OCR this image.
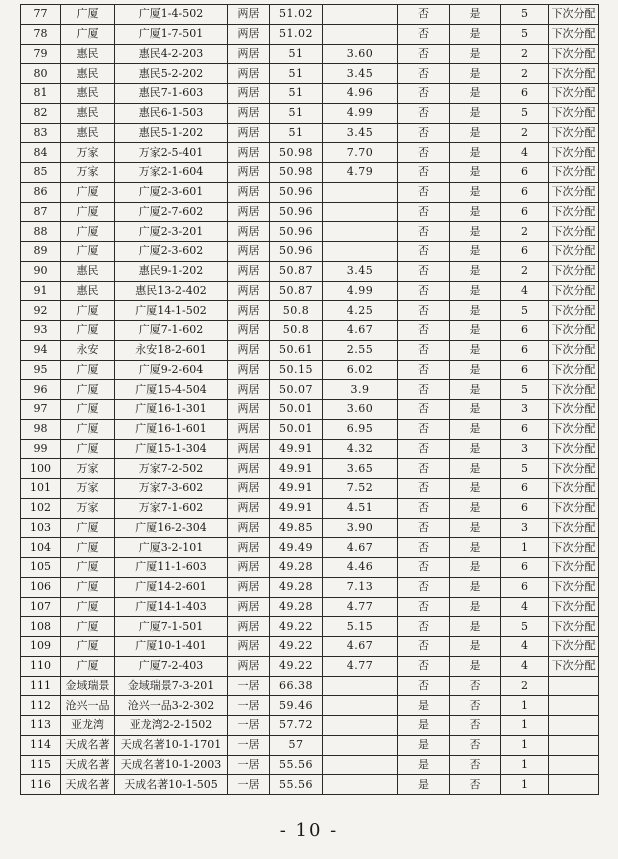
77	广厦	广厦1-4-502	两居	51.02		否	是	5	下次分配
78	广厦	广厦1-7-501	两居	51.02		否	是	5	下次分配
79	惠民	惠民4-2-203	两居	51	3.60	否	是	2	下次分配
80	惠民	惠民5-2-202	两居	51	3.45	否	是	2	下次分配
81	惠民	惠民7-1-603	两居	51	4.96	否	是	6	下次分配
82	惠民	惠民6-1-503	两居	51	4.99	否	是	5	下次分配
83	惠民	惠民5-1-202	两居	51	3.45	否	是	2	下次分配
84	万家	万家2-5-401	两居	50.98	7.70	否	是	4	下次分配
85	万家	万家2-1-604	两居	50.98	4.79	否	是	6	下次分配
86	广厦	广厦2-3-601	两居	50.96		否	是	6	下次分配
87	广厦	广厦2-7-602	两居	50.96		否	是	6	下次分配
88	广厦	广厦2-3-201	两居	50.96		否	是	2	下次分配
89	广厦	广厦2-3-602	两居	50.96		否	是	6	下次分配
90	惠民	惠民9-1-202	两居	50.87	3.45	否	是	2	下次分配
91	惠民	惠民13-2-402	两居	50.87	4.99	否	是	4	下次分配
92	广厦	广厦14-1-502	两居	50.8	4.25	否	是	5	下次分配
93	广厦	广厦7-1-602	两居	50.8	4.67	否	是	6	下次分配
94	永安	永安18-2-601	两居	50.61	2.55	否	是	6	下次分配
95	广厦	广厦9-2-604	两居	50.15	6.02	否	是	6	下次分配
96	广厦	广厦15-4-504	两居	50.07	3.9	否	是	5	下次分配
97	广厦	广厦16-1-301	两居	50.01	3.60	否	是	3	下次分配
98	广厦	广厦16-1-601	两居	50.01	6.95	否	是	6	下次分配
99	广厦	广厦15-1-304	两居	49.91	4.32	否	是	3	下次分配
100	万家	万家7-2-502	两居	49.91	3.65	否	是	5	下次分配
101	万家	万家7-3-602	两居	49.91	7.52	否	是	6	下次分配
102	万家	万家7-1-602	两居	49.91	4.51	否	是	6	下次分配
103	广厦	广厦16-2-304	两居	49.85	3.90	否	是	3	下次分配
104	广厦	广厦3-2-101	两居	49.49	4.67	否	是	1	下次分配
105	广厦	广厦11-1-603	两居	49.28	4.46	否	是	6	下次分配
106	广厦	广厦14-2-601	两居	49.28	7.13	否	是	6	下次分配
107	广厦	广厦14-1-403	两居	49.28	4.77	否	是	4	下次分配
108	广厦	广厦7-1-501	两居	49.22	5.15	否	是	5	下次分配
109	广厦	广厦10-1-401	两居	49.22	4.67	否	是	4	下次分配
110	广厦	广厦7-2-403	两居	49.22	4.77	否	是	4	下次分配
111	金域瑞景	金域瑞景7-3-201	一居	66.38		否	否	2	
112	沧兴一品	沧兴一品3-2-302	一居	59.46		是	否	1	
113	亚龙湾	亚龙湾2-2-1502	一居	57.72		是	否	1	
114	天成名著	天成名著10-1-1701	一居	57		是	否	1	
115	天成名著	天成名著10-1-2003	一居	55.56		是	否	1	
116	天成名著	天成名著10-1-505	一居	55.56		是	否	1	
- 10 -
